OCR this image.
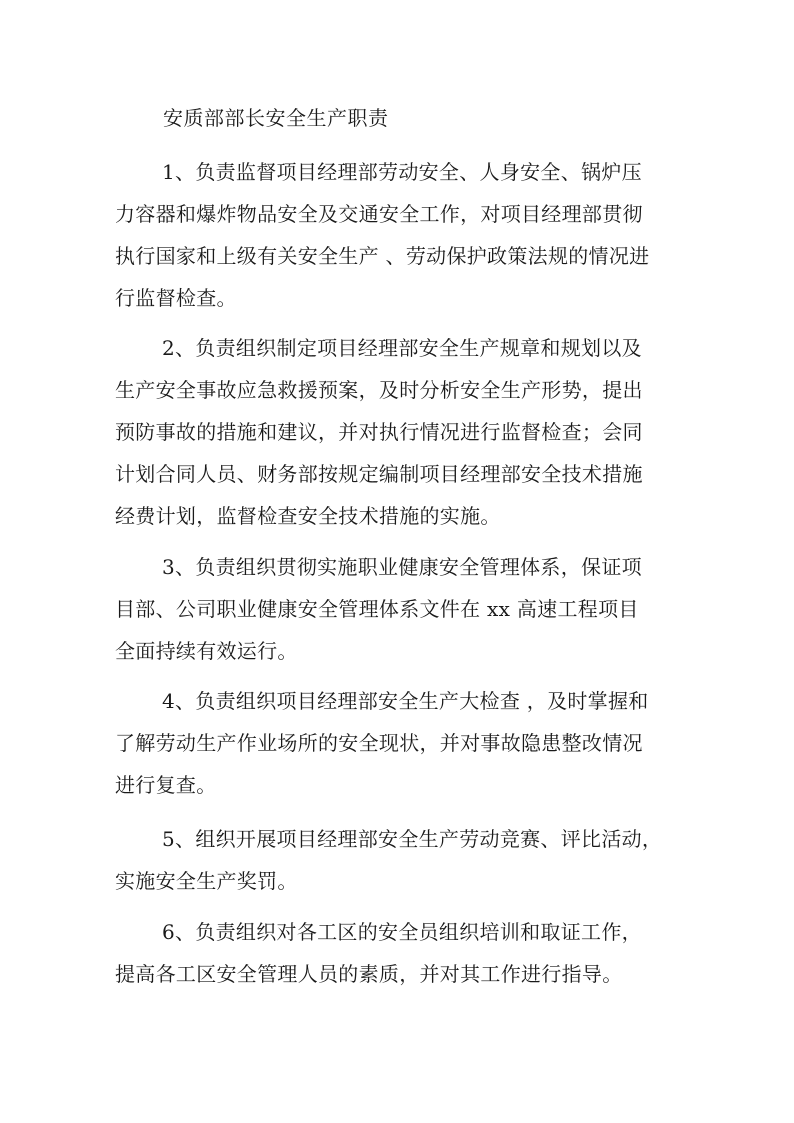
安质部部长安全生产职责
1、负责监督项目经理部劳动安全、人身安全、锅炉压
力容器和爆炸物品安全及交通安全工作，对项目经理部贯彻
执行国家和上级有关安全生产 、劳动保护政策法规的情况进
行监督检查。
2、负责组织制定项目经理部安全生产规章和规划以及
生产安全事故应急救援预案，及时分析安全生产形势，提出
预防事故的措施和建议，并对执行情况进行监督检查；会同
计划合同人员、财务部按规定编制项目经理部安全技术措施
经费计划，监督检查安全技术措施的实施。
3、负责组织贯彻实施职业健康安全管理体系，保证项
目部、公司职业健康安全管理体系文件在 xx 高速工程项目
全面持续有效运行。
4、负责组织项目经理部安全生产大检查 ，及时掌握和
了解劳动生产作业场所的安全现状，并对事故隐患整改情况
进行复查。
5、组织开展项目经理部安全生产劳动竞赛、评比活动，
实施安全生产奖罚。
6、负责组织对各工区的安全员组织培训和取证工作，
提高各工区安全管理人员的素质，并对其工作进行指导。
